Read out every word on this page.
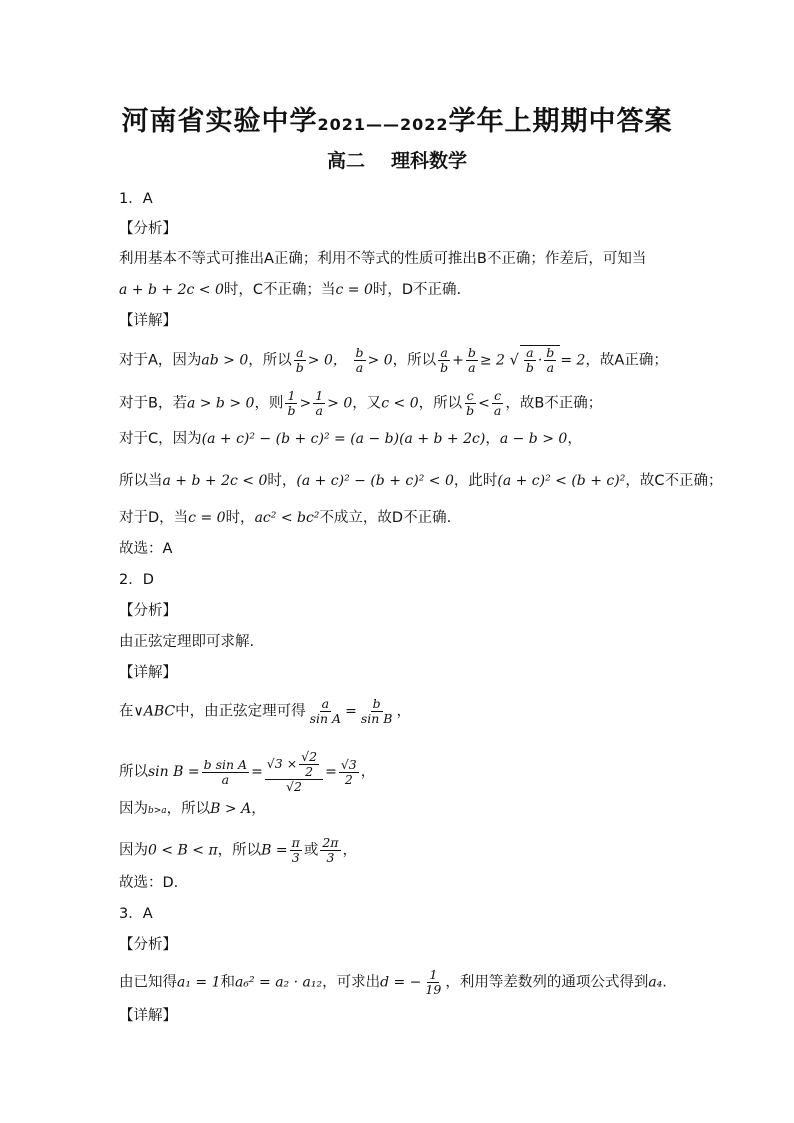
河南省实验中学2021——2022学年上期期中答案
高二 理科数学
1．A
【分析】
利用基本不等式可推出A正确；利用不等式的性质可推出B不正确；作差后，可知当
a + b + 2c < 0时，C不正确；当c = 0时，D不正确.
【详解】
对于A，因为ab > 0，所以 $\frac{a}{b} > 0$， $\frac{b}{a} > 0$，所以 $\frac{a}{b} + \frac{b}{a} \ge 2$ √ $\frac{a}{b} \cdot \frac{b}{a} = 2$，故A正确；
对于B，若a > b > 0，则 $\frac{1}{b} > \frac{1}{a} > 0$，又c < 0，所以 $\frac{c}{b} < \frac{c}{a}$ ，故B不正确；
对于C，因为(a + c)² − (b + c)² = (a − b)(a + b + 2c)，a − b > 0，
所以当a + b + 2c < 0时，(a + c)² − (b + c)² < 0，此时(a + c)² < (b + c)²，故C不正确；
对于D，当c = 0时，ac² < bc²不成立，故D不正确.
故选：A
2．D
【分析】
由正弦定理即可求解.
【详解】
在∨ABC中，由正弦定理可得 $\frac{a}{\text{sin A}} = \frac{b}{\text{sin B}}$ ，
所以$\sin B = \frac{\text{b sin A}}{a} = \frac{√3 \times \frac{√2}{2}}{√2} = \frac{√3}{2}$ ，
因为b>a，所以B > A，
因为0 < B < π，所以$B = \frac{\pi}{3}$ 或 $\frac{2\pi}{3}$ ，
故选：D.
3．A
【分析】
由已知得a₁ = 1和a₆² = a₂ · a₁₂，可求出d = − $\frac{1}{19}$ ，利用等差数列的通项公式得到a₄.
【详解】
